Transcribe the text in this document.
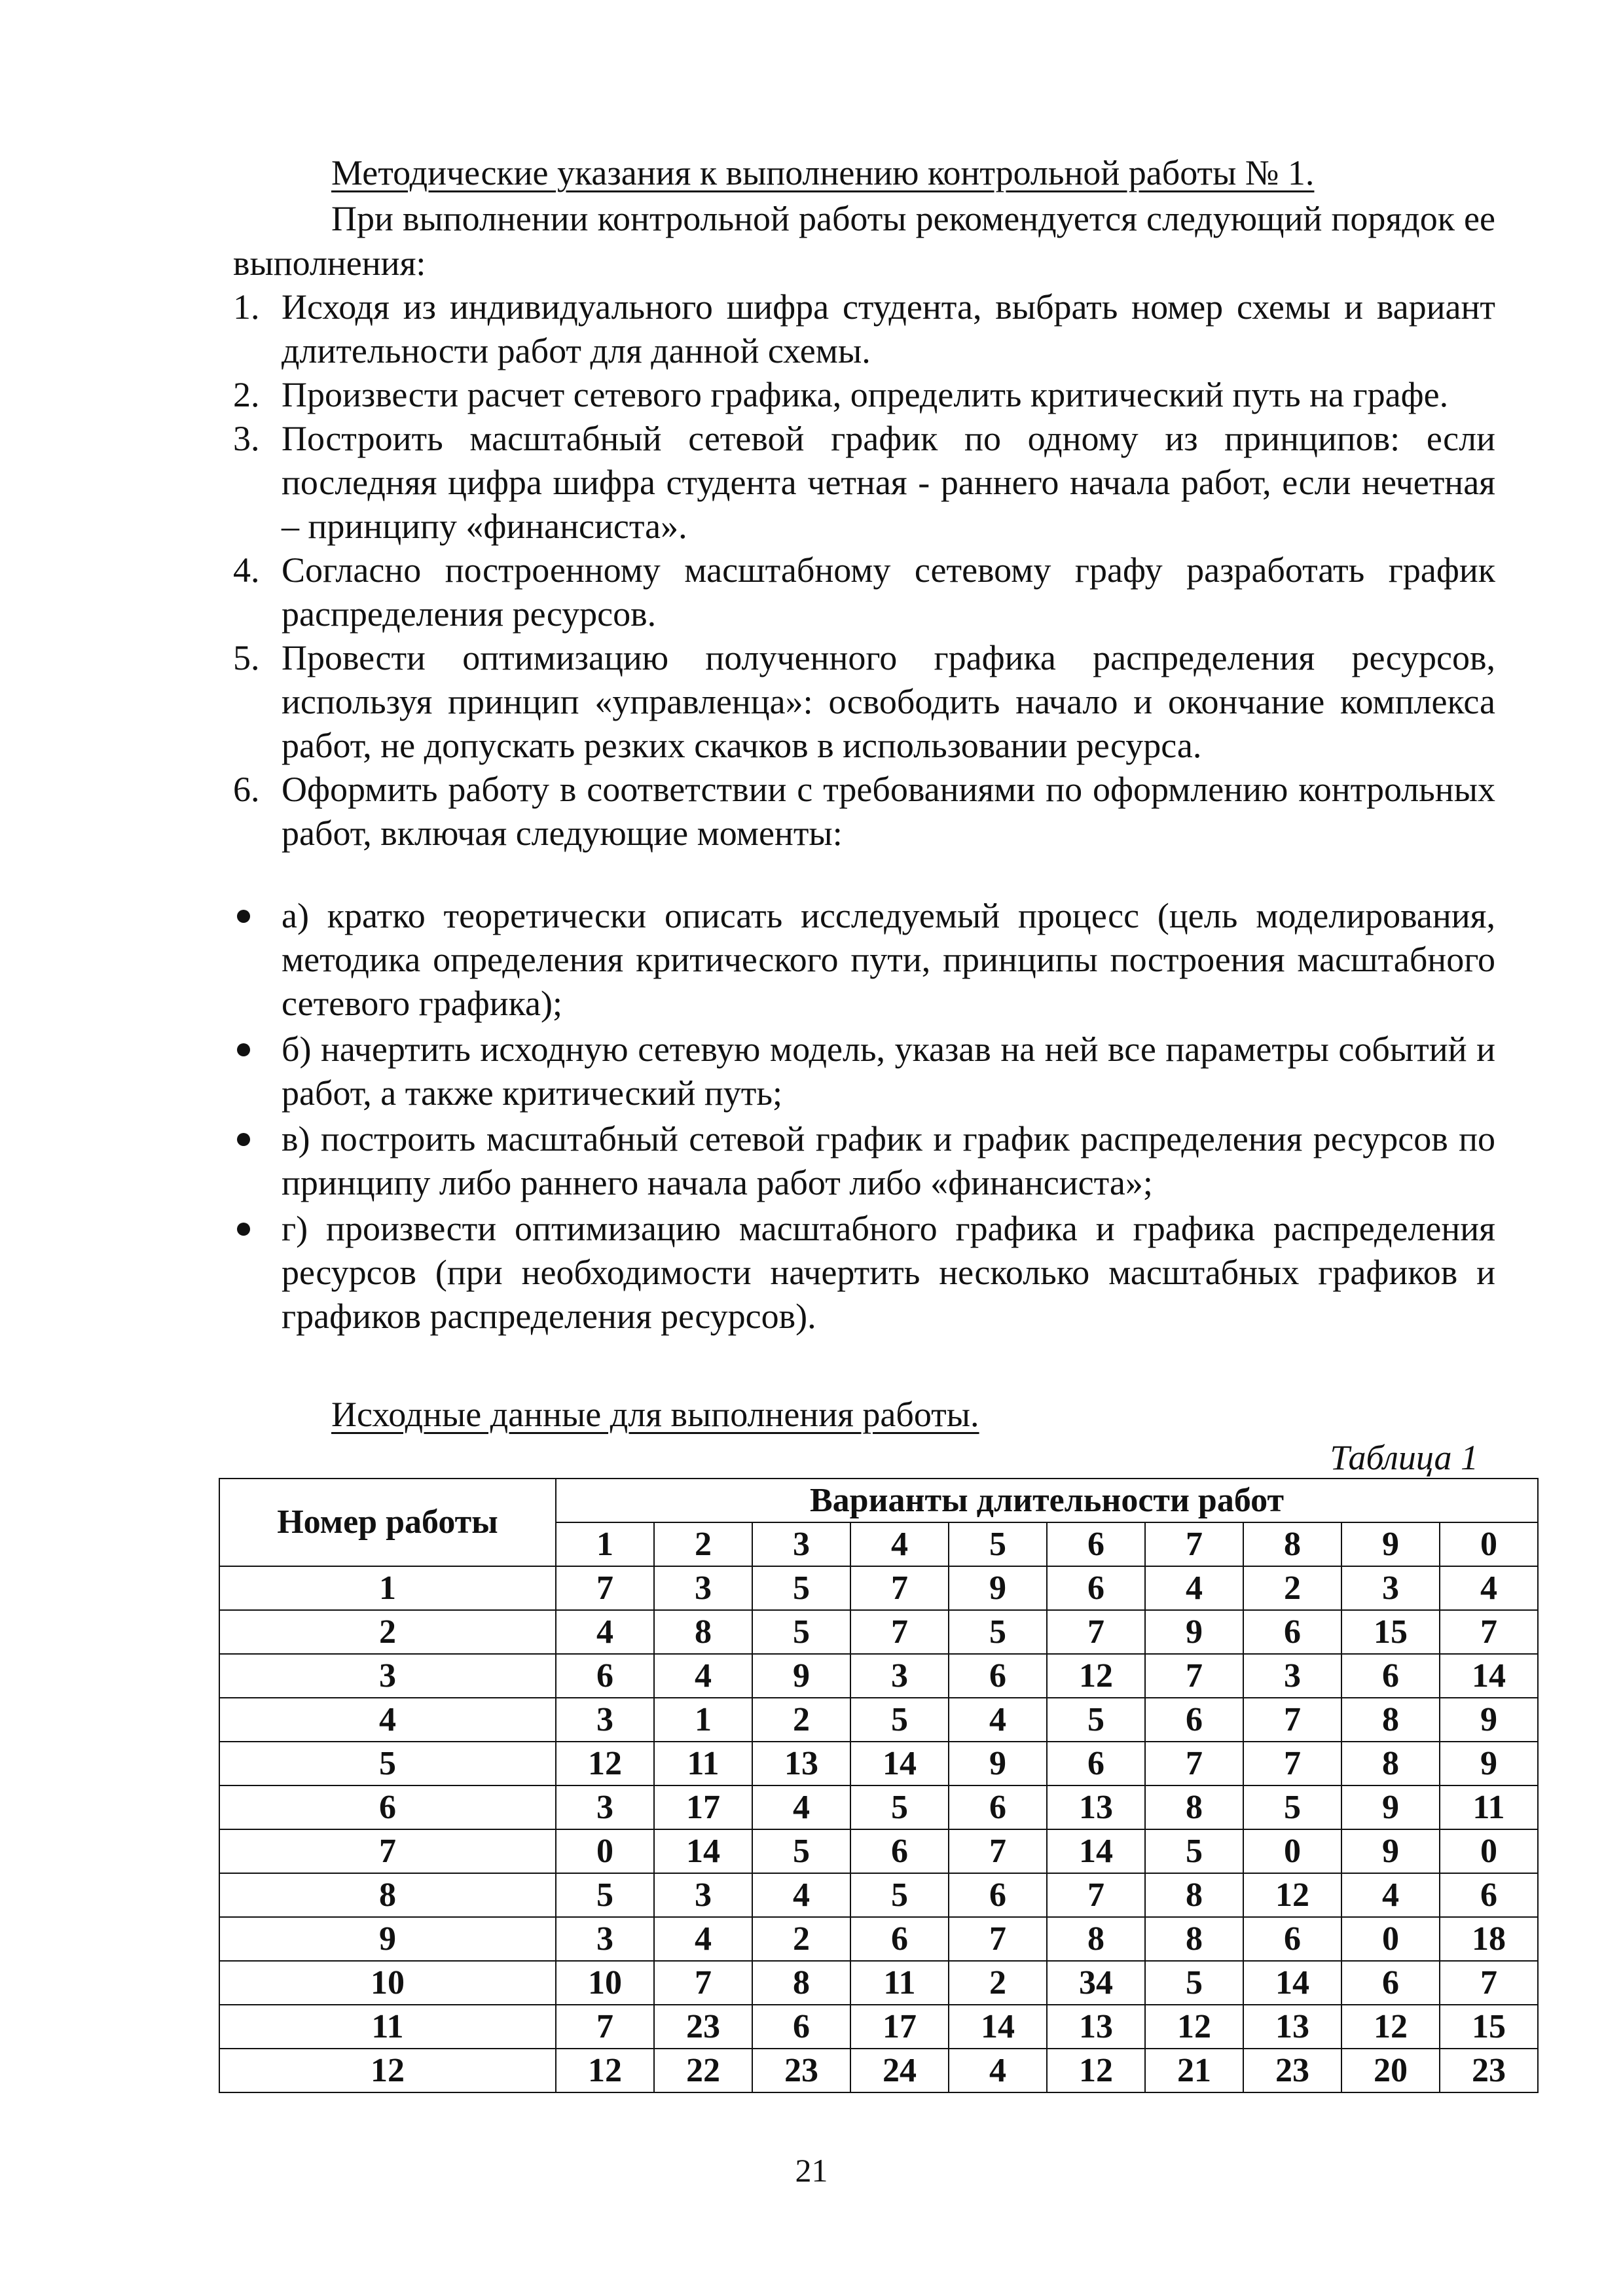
Методические указания к выполнению контрольной работы № 1.

При выполнении контрольной работы рекомендуется следующий порядок ее выполнения:

1. Исходя из индивидуального шифра студента, выбрать номер схемы и вариант длительности работ для данной схемы.
2. Произвести расчет сетевого графика, определить критический путь на графе.
3. Построить масштабный сетевой график по одному из принципов: если последняя цифра шифра студента четная - раннего начала работ, если нечетная – принципу «финансиста».
4. Согласно построенному масштабному сетевому графу разработать график распределения ресурсов.
5. Провести оптимизацию полученного графика распределения ресурсов, используя принцип «управленца»: освободить начало и окончание комплекса работ, не допускать резких скачков в использовании ресурса.
6. Оформить работу в соответствии с требованиями по оформлению контрольных работ, включая следующие моменты:
а) кратко теоретически описать исследуемый процесс (цель моделирования, методика определения критического пути, принципы построения масштабного сетевого графика);
б) начертить исходную сетевую модель, указав на ней все параметры событий и работ, а также критический путь;
в) построить масштабный сетевой график и график распределения ресурсов по принципу либо раннего начала работ либо «финансиста»;
г) произвести оптимизацию масштабного графика и графика распределения ресурсов (при необходимости начертить несколько масштабных графиков и графиков распределения ресурсов).
Исходные данные для выполнения работы.
Таблица 1
Номер работы	Варианты длительности работ									
	1	2	3	4	5	6	7	8	9	0
1	7	3	5	7	9	6	4	2	3	4
2	4	8	5	7	5	7	9	6	15	7
3	6	4	9	3	6	12	7	3	6	14
4	3	1	2	5	4	5	6	7	8	9
5	12	11	13	14	9	6	7	7	8	9
6	3	17	4	5	6	13	8	5	9	11
7	0	14	5	6	7	14	5	0	9	0
8	5	3	4	5	6	7	8	12	4	6
9	3	4	2	6	7	8	8	6	0	18
10	10	7	8	11	2	34	5	14	6	7
11	7	23	6	17	14	13	12	13	12	15
12	12	22	23	24	4	12	21	23	20	23
21
